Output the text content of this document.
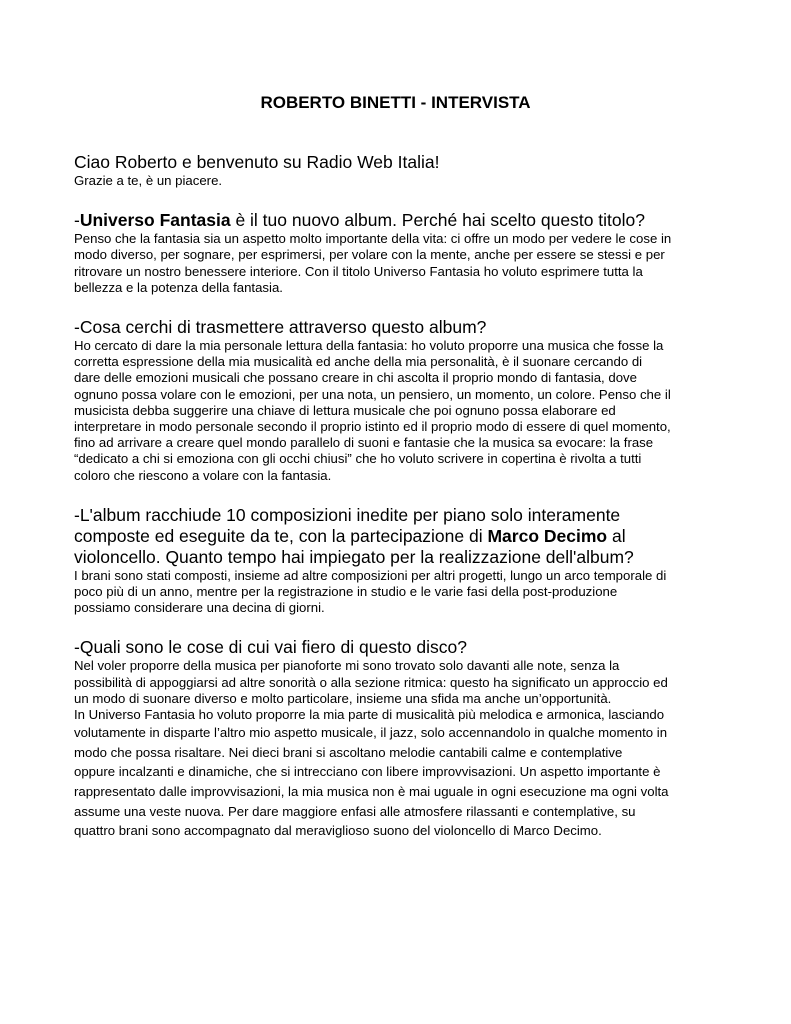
ROBERTO BINETTI - INTERVISTA

Ciao Roberto e benvenuto su Radio Web Italia!

Grazie a te, è un piacere.

-Universo Fantasia è il tuo nuovo album. Perché hai scelto questo titolo?

Penso che la fantasia sia un aspetto molto importante della vita: ci offre un modo per vedere le cose in
modo diverso, per sognare, per esprimersi, per volare con la mente, anche per essere se stessi e per
ritrovare un nostro benessere interiore. Con il titolo Universo Fantasia ho voluto esprimere tutta la
bellezza e la potenza della fantasia.

-Cosa cerchi di trasmettere attraverso questo album?

Ho cercato di dare la mia personale lettura della fantasia: ho voluto proporre una musica che fosse la
corretta espressione della mia musicalità ed anche della mia personalità, è il suonare cercando di
dare delle emozioni musicali che possano creare in chi ascolta il proprio mondo di fantasia, dove
ognuno possa volare con le emozioni, per una nota, un pensiero, un momento, un colore. Penso che il
musicista debba suggerire una chiave di lettura musicale che poi ognuno possa elaborare ed
interpretare in modo personale secondo il proprio istinto ed il proprio modo di essere di quel momento,
fino ad arrivare a creare quel mondo parallelo di suoni e fantasie che la musica sa evocare: la frase
“dedicato a chi si emoziona con gli occhi chiusi” che ho voluto scrivere in copertina è rivolta a tutti
coloro che riescono a volare con la fantasia.
-L'album racchiude 10 composizioni inedite per piano solo interamente
composte ed eseguite da te, con la partecipazione di Marco Decimo al
violoncello. Quanto tempo hai impiegato per la realizzazione dell'album?
I brani sono stati composti, insieme ad altre composizioni per altri progetti, lungo un arco temporale di
poco più di un anno, mentre per la registrazione in studio e le varie fasi della post-produzione
possiamo considerare una decina di giorni.

-Quali sono le cose di cui vai fiero di questo disco?

Nel voler proporre della musica per pianoforte mi sono trovato solo davanti alle note, senza la
possibilità di appoggiarsi ad altre sonorità o alla sezione ritmica: questo ha significato un approccio ed
un modo di suonare diverso e molto particolare, insieme una sfida ma anche un’opportunità.
In Universo Fantasia ho voluto proporre la mia parte di musicalità più melodica e armonica, lasciando
volutamente in disparte l’altro mio aspetto musicale, il jazz, solo accennandolo in qualche momento in
modo che possa risaltare. Nei dieci brani si ascoltano melodie cantabili calme e contemplative
oppure incalzanti e dinamiche, che si intrecciano con libere improvvisazioni. Un aspetto importante è
rappresentato dalle improvvisazioni, la mia musica non è mai uguale in ogni esecuzione ma ogni volta
assume una veste nuova. Per dare maggiore enfasi alle atmosfere rilassanti e contemplative, su
quattro brani sono accompagnato dal meraviglioso suono del violoncello di Marco Decimo.
